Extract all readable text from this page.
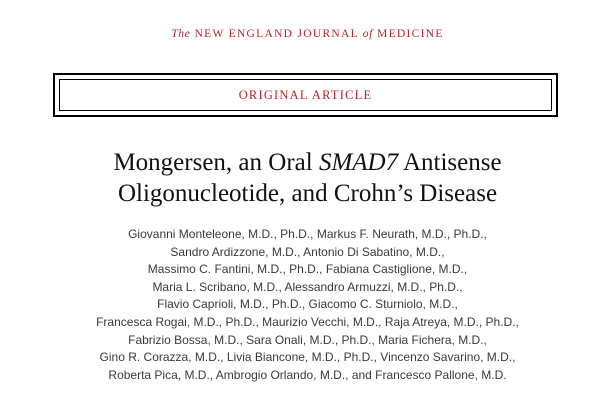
The NEW ENGLAND JOURNAL of MEDICINE
ORIGINAL ARTICLE
Mongersen, an Oral SMAD7 Antisense
Oligonucleotide, and Crohn’s Disease
Giovanni Monteleone, M.D., Ph.D., Markus F. Neurath, M.D., Ph.D.,
Sandro Ardizzone, M.D., Antonio Di Sabatino, M.D.,
Massimo C. Fantini, M.D., Ph.D., Fabiana Castiglione, M.D.,
Maria L. Scribano, M.D., Alessandro Armuzzi, M.D., Ph.D.,
Flavio Caprioli, M.D., Ph.D., Giacomo C. Sturniolo, M.D.,
Francesca Rogai, M.D., Ph.D., Maurizio Vecchi, M.D., Raja Atreya, M.D., Ph.D.,
Fabrizio Bossa, M.D., Sara Onali, M.D., Ph.D., Maria Fichera, M.D.,
Gino R. Corazza, M.D., Livia Biancone, M.D., Ph.D., Vincenzo Savarino, M.D.,
Roberta Pica, M.D., Ambrogio Orlando, M.D., and Francesco Pallone, M.D.
